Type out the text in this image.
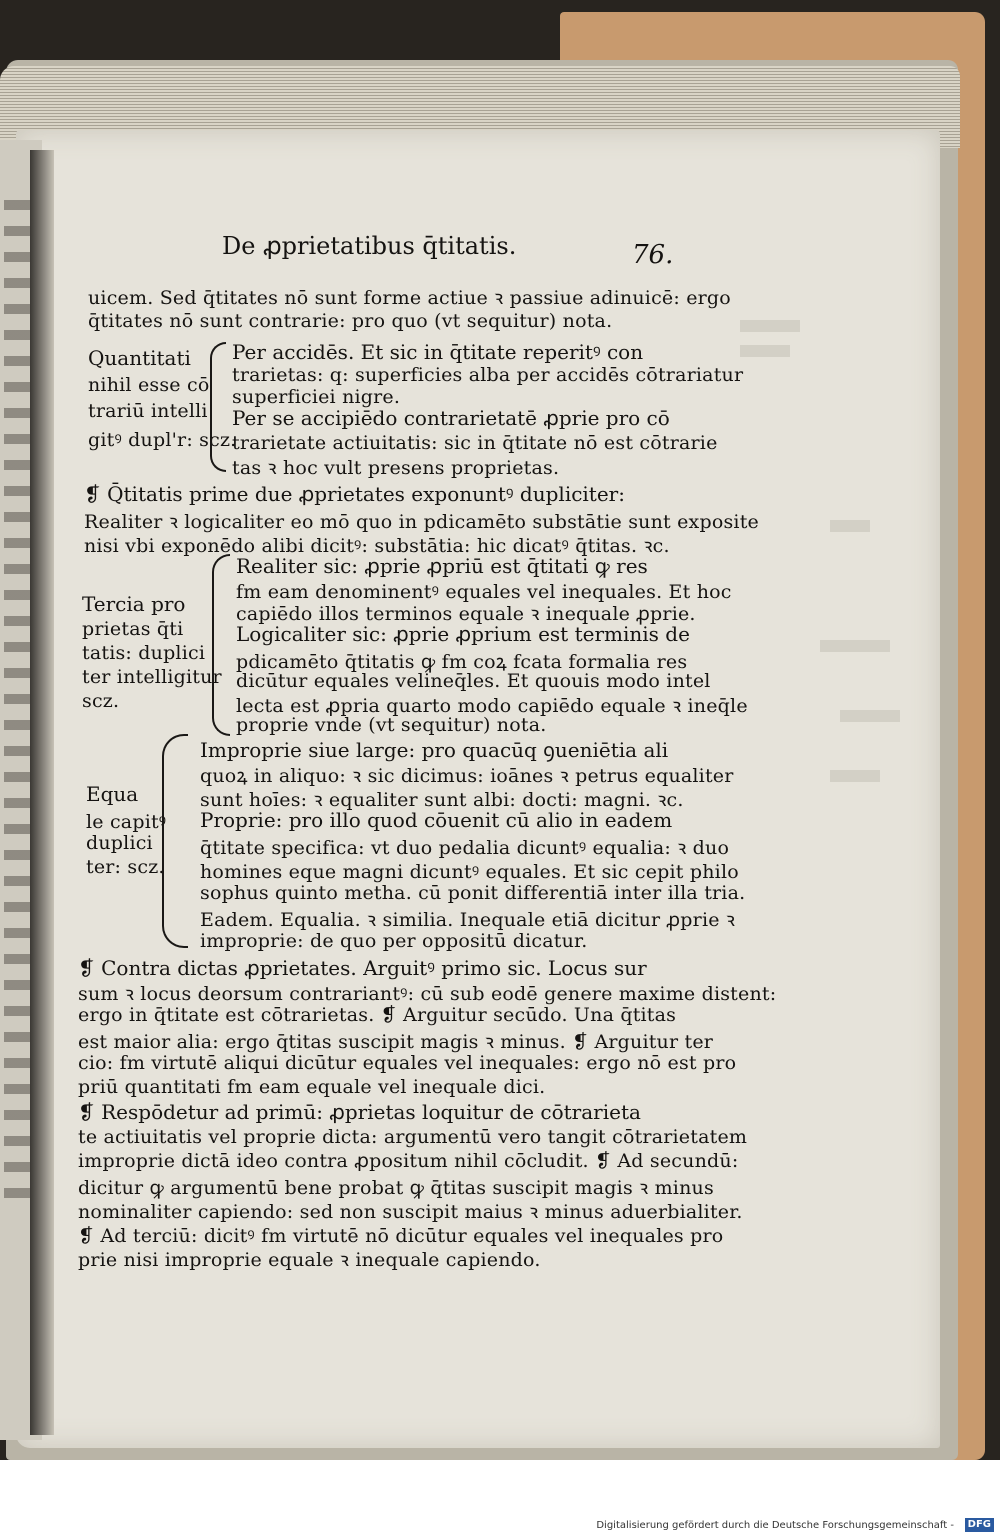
De ꝓprietatibus q̄titatis.	76.
uicem. Sed q̄titates nō sunt forme actiue ꝛ passiue adinuicē: ergo
q̄titates nō sunt contrarie: pro quo (vt sequitur) nota.
Quantitati
nihil esse cō
trariū intelli
gitꝰ dupl'r: scz.
Per accidēs. Et sic in q̄titate reperitꝰ con
trarietas: q: superficies alba per accidēs cōtrariatur
superficiei nigre.
Per se accipiēdo contrarietatē ꝓprie pro cō
trarietate actiuitatis: sic in q̄titate nō est cōtrarie
tas ꝛ hoc vult presens proprietas.
❡ Q̄titatis prime due ꝓprietates exponuntꝰ dupliciter:
Realiter ꝛ logicaliter eo mō quo in pdicamēto substātie sunt exposite
nisi vbi exponēdo alibi dicitꝰ: substātia: hic dicatꝰ q̄titas. ꝛc.
Tercia pro
prietas q̄ti
tatis: duplici
ter intelligitur
scz.
Realiter sic: ꝓprie ꝓpriū est q̄titati ꝙ res
fm eam denominentꝰ equales vel inequales. Et hoc
capiēdo illos terminos equale ꝛ inequale ꝓprie.
Logicaliter sic: ꝓprie ꝓprium est terminis de
pdicamēto q̄titatis ꝙ fm coꝝ fcata formalia res
dicūtur equales velineq̄les. Et quouis modo intel
lecta est ꝓpria quarto modo capiēdo equale ꝛ ineq̄le
proprie vnde (vt sequitur) nota.
Equa
le capitꝰ
duplici
ter: scz.
Improprie siue large: pro quacūq ꝯueniētia ali
quoꝝ in aliquo: ꝛ sic dicimus: ioānes ꝛ petrus equaliter
sunt hoīes: ꝛ equaliter sunt albi: docti: magni. ꝛc.
Proprie: pro illo quod cōuenit cū alio in eadem
q̄titate specifica: vt duo pedalia dicuntꝰ equalia: ꝛ duo
homines eque magni dicuntꝰ equales. Et sic cepit philo
sophus quinto metha. cū ponit differentiā inter illa tria.
Eadem. Equalia. ꝛ similia. Inequale etiā dicitur ꝓprie ꝛ
improprie: de quo per oppositū dicatur.
❡ Contra dictas ꝓprietates. Arguitꝰ primo sic. Locus sur
sum ꝛ locus deorsum contrariantꝰ: cū sub eodē genere maxime distent:
ergo in q̄titate est cōtrarietas. ❡ Arguitur secūdo. Una q̄titas
est maior alia: ergo q̄titas suscipit magis ꝛ minus. ❡ Arguitur ter
cio: fm virtutē aliqui dicūtur equales vel inequales: ergo nō est pro
priū quantitati fm eam equale vel inequale dici.
❡ Respōdetur ad primū: ꝓprietas loquitur de cōtrarieta
te actiuitatis vel proprie dicta: argumentū vero tangit cōtrarietatem
improprie dictā ideo contra ꝓpositum nihil cōcludit. ❡ Ad secundū:
dicitur ꝙ argumentū bene probat ꝙ q̄titas suscipit magis ꝛ minus
nominaliter capiendo: sed non suscipit maius ꝛ minus aduerbialiter.
❡ Ad terciū: dicitꝰ fm virtutē nō dicūtur equales vel inequales pro
prie nisi improprie equale ꝛ inequale capiendo.
Digitalisierung gefördert durch die Deutsche Forschungsgemeinschaft -	DFG
